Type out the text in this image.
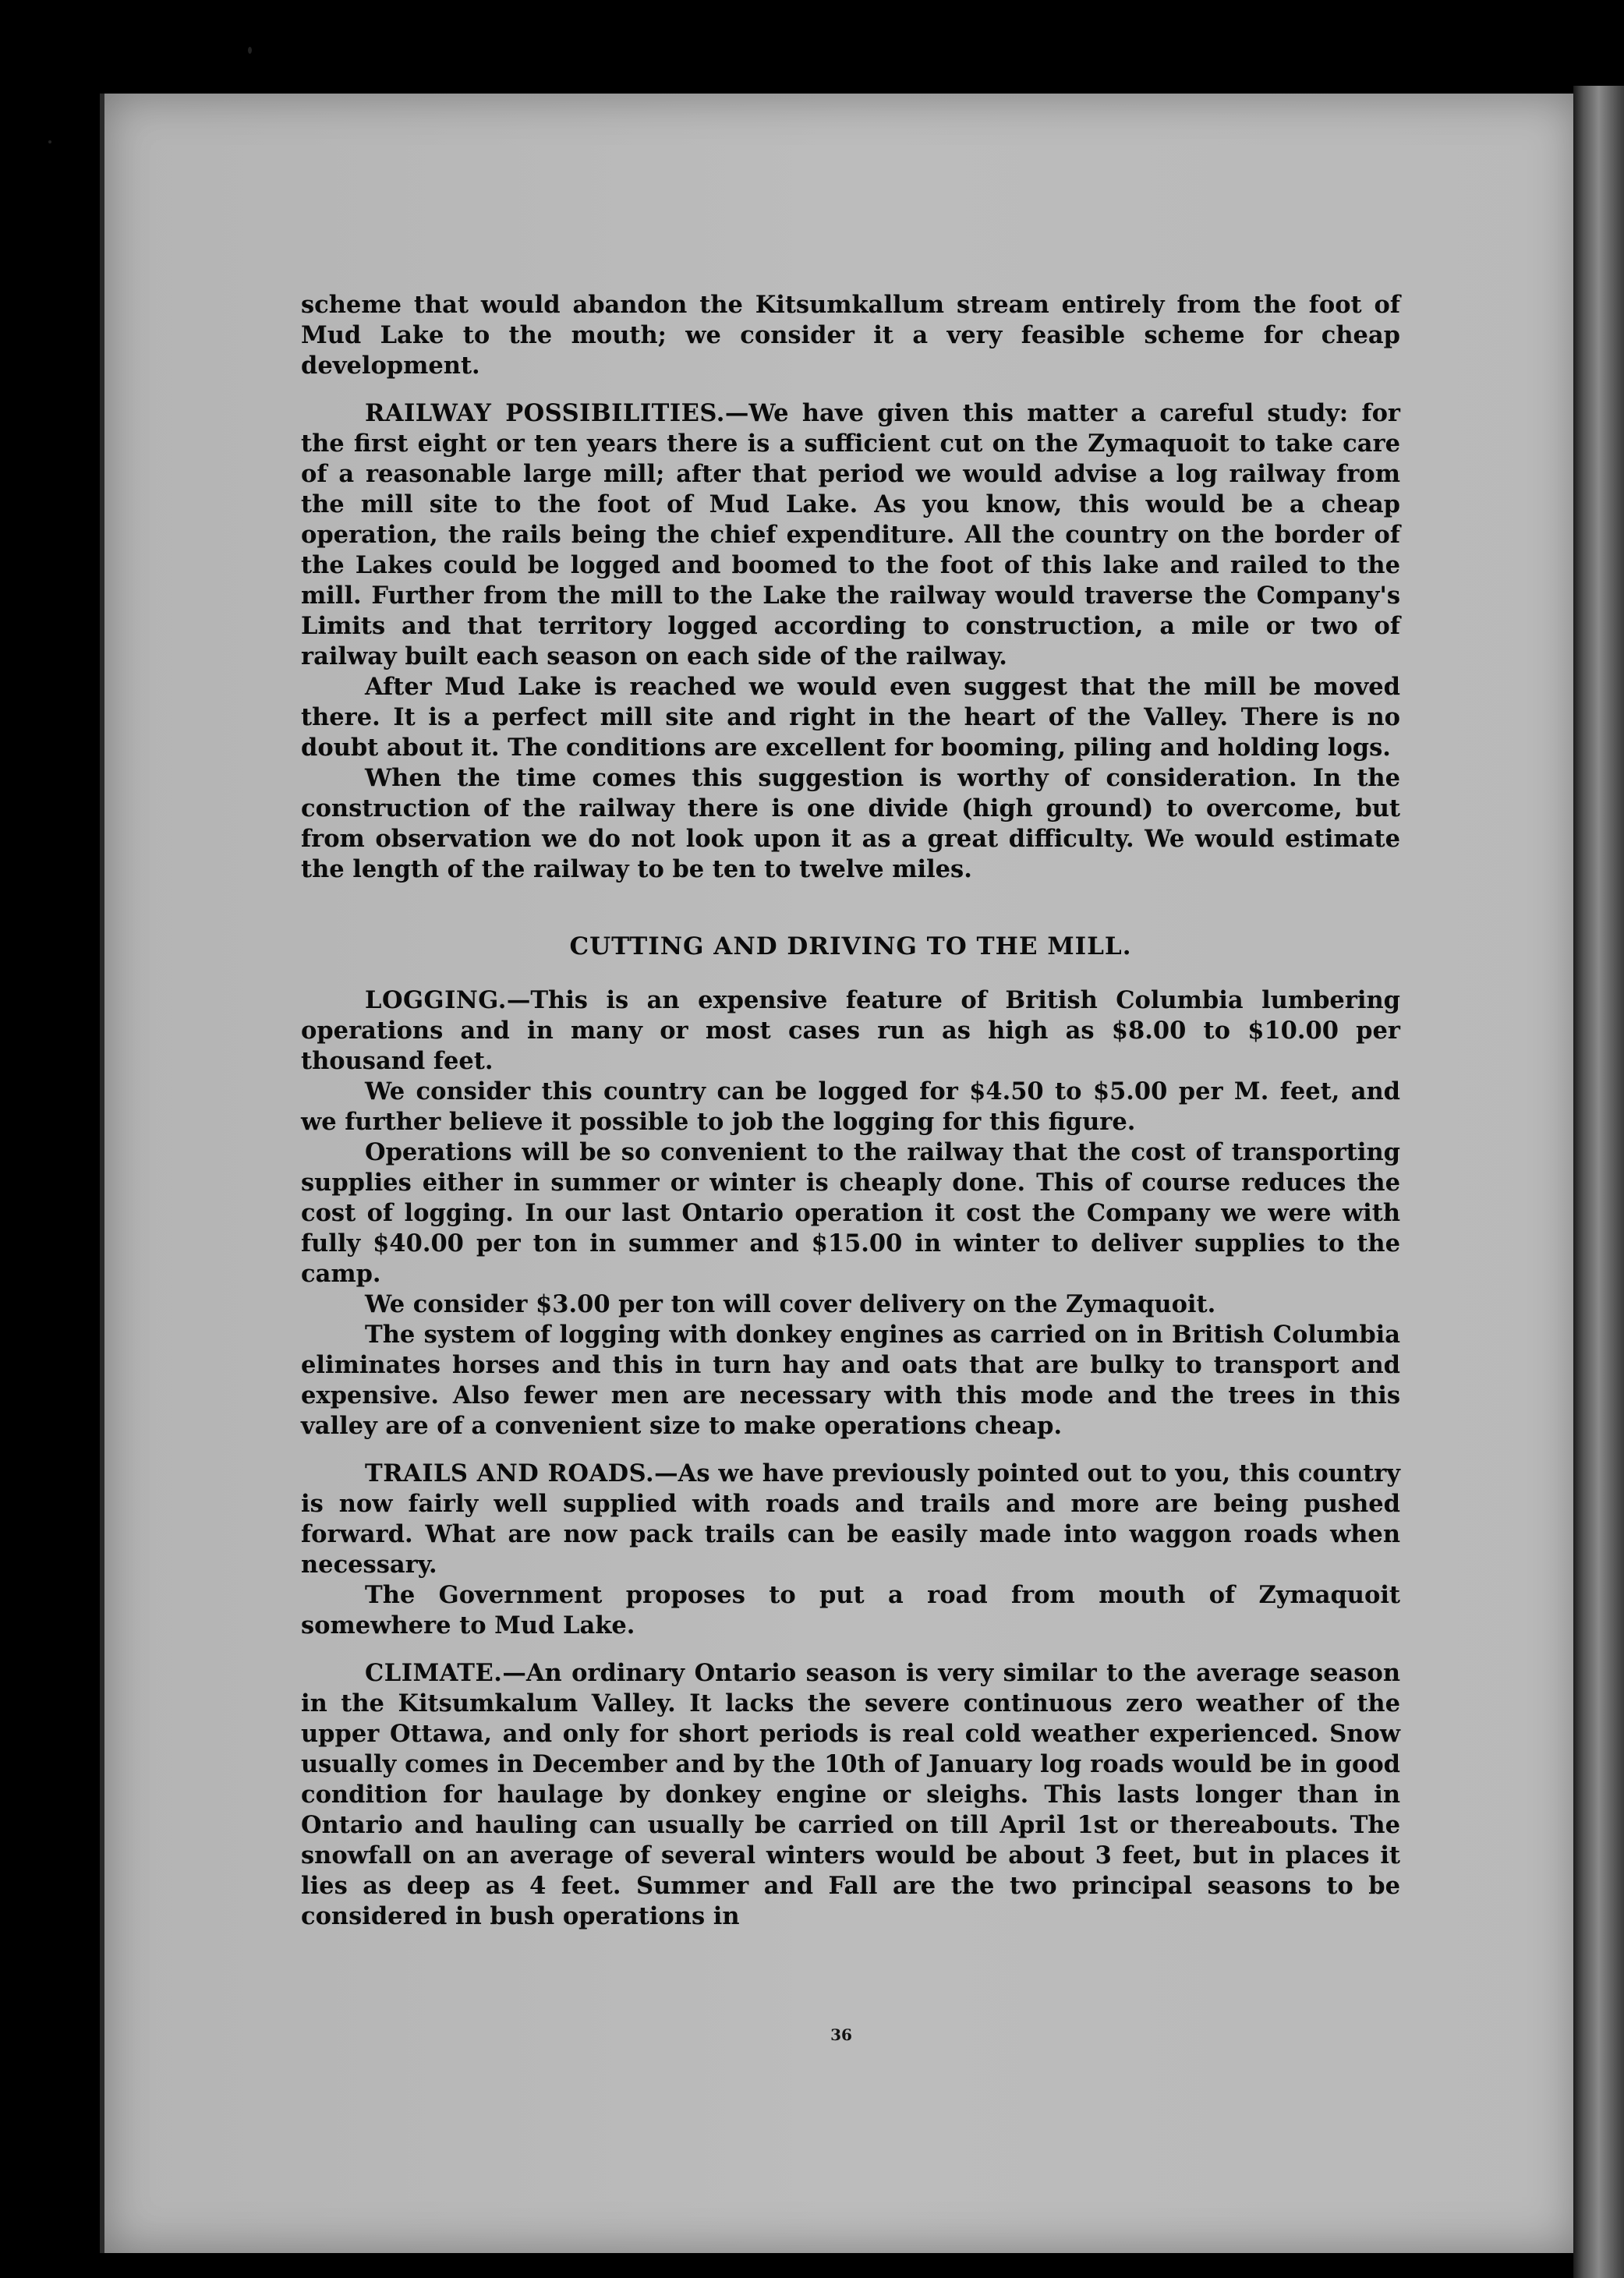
36

scheme that would abandon the Kitsumkallum stream entirely from the foot of Mud Lake to the mouth; we consider it a very feasible scheme for cheap development.

RAILWAY POSSIBILITIES.—We have given this matter a careful study: for the first eight or ten years there is a sufficient cut on the Zymaquoit to take care of a reasonable large mill; after that period we would advise a log railway from the mill site to the foot of Mud Lake. As you know, this would be a cheap operation, the rails being the chief expenditure. All the country on the border of the Lakes could be logged and boomed to the foot of this lake and railed to the mill. Further from the mill to the Lake the railway would traverse the Company's Limits and that territory logged according to construction, a mile or two of railway built each season on each side of the railway.

After Mud Lake is reached we would even suggest that the mill be moved there. It is a perfect mill site and right in the heart of the Valley. There is no doubt about it. The conditions are excellent for booming, piling and holding logs.

When the time comes this suggestion is worthy of consideration. In the construction of the railway there is one divide (high ground) to overcome, but from observation we do not look upon it as a great difficulty. We would estimate the length of the railway to be ten to twelve miles.

CUTTING AND DRIVING TO THE MILL.

LOGGING.—This is an expensive feature of British Columbia lumbering operations and in many or most cases run as high as $8.00 to $10.00 per thousand feet.

We consider this country can be logged for $4.50 to $5.00 per M. feet, and we further believe it possible to job the logging for this figure.

Operations will be so convenient to the railway that the cost of transporting supplies either in summer or winter is cheaply done. This of course reduces the cost of logging. In our last Ontario operation it cost the Company we were with fully $40.00 per ton in summer and $15.00 in winter to deliver supplies to the camp.

We consider $3.00 per ton will cover delivery on the Zymaquoit.

The system of logging with donkey engines as carried on in British Columbia eliminates horses and this in turn hay and oats that are bulky to transport and expensive. Also fewer men are necessary with this mode and the trees in this valley are of a convenient size to make operations cheap.

TRAILS AND ROADS.—As we have previously pointed out to you, this country is now fairly well supplied with roads and trails and more are being pushed forward. What are now pack trails can be easily made into waggon roads when necessary.

The Government proposes to put a road from mouth of Zymaquoit somewhere to Mud Lake.

CLIMATE.—An ordinary Ontario season is very similar to the average season in the Kitsumkalum Valley. It lacks the severe continuous zero weather of the upper Ottawa, and only for short periods is real cold weather experienced. Snow usually comes in December and by the 10th of January log roads would be in good condition for haulage by donkey engine or sleighs. This lasts longer than in Ontario and hauling can usually be carried on till April 1st or thereabouts. The snowfall on an average of several winters would be about 3 feet, but in places it lies as deep as 4 feet. Summer and Fall are the two principal seasons to be considered in bush operations in
